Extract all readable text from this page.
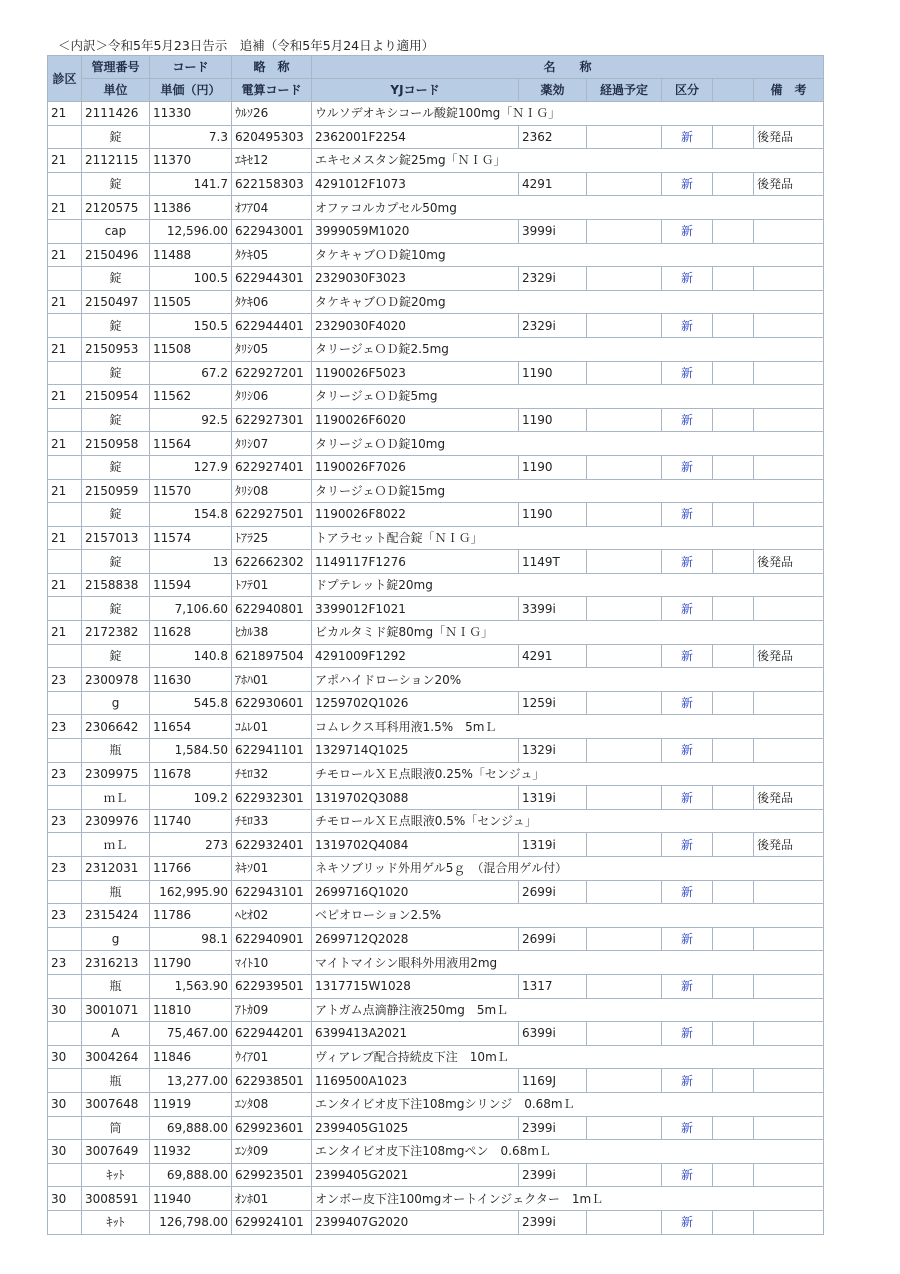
＜内訳＞令和5年5月23日告示　追補（令和5年5月24日より適用）
診区	管理番号	コード	略　称	名　　称					
	単位	単価（円）	電算コード	YJコード	薬効	経過予定	区分		備　考
21	2111426	11330	ｳﾙｿ26	ウルソデオキシコール酸錠100mg「ＮＩＧ」					
	錠	7.3	620495303	2362001F2254	2362		新		後発品
21	2112115	11370	ｴｷｾ12	エキセメスタン錠25mg「ＮＩＧ」					
	錠	141.7	622158303	4291012F1073	4291		新		後発品
21	2120575	11386	ｵﾌｱ04	オファコルカプセル50mg					
	cap	12,596.00	622943001	3999059M1020	3999i		新		
21	2150496	11488	ﾀｹｷ05	タケキャブＯＤ錠10mg					
	錠	100.5	622944301	2329030F3023	2329i		新		
21	2150497	11505	ﾀｹｷ06	タケキャブＯＤ錠20mg					
	錠	150.5	622944401	2329030F4020	2329i		新		
21	2150953	11508	ﾀﾘｼ05	タリージェＯＤ錠2.5mg					
	錠	67.2	622927201	1190026F5023	1190		新		
21	2150954	11562	ﾀﾘｼ06	タリージェＯＤ錠5mg					
	錠	92.5	622927301	1190026F6020	1190		新		
21	2150958	11564	ﾀﾘｼ07	タリージェＯＤ錠10mg					
	錠	127.9	622927401	1190026F7026	1190		新		
21	2150959	11570	ﾀﾘｼ08	タリージェＯＤ錠15mg					
	錠	154.8	622927501	1190026F8022	1190		新		
21	2157013	11574	ﾄｱﾗ25	トアラセット配合錠「ＮＩＧ」					
	錠	13	622662302	1149117F1276	1149T		新		後発品
21	2158838	11594	ﾄﾌﾃ01	ドプテレット錠20mg					
	錠	7,106.60	622940801	3399012F1021	3399i		新		
21	2172382	11628	ﾋｶﾙ38	ビカルタミド錠80mg「ＮＩＧ」					
	錠	140.8	621897504	4291009F1292	4291		新		後発品
23	2300978	11630	ｱﾎﾊ01	アポハイドローション20%					
	g	545.8	622930601	1259702Q1026	1259i		新		
23	2306642	11654	ｺﾑﾚ01	コムレクス耳科用液1.5%　5mＬ					
	瓶	1,584.50	622941101	1329714Q1025	1329i		新		
23	2309975	11678	ﾁﾓﾛ32	チモロールＸＥ点眼液0.25%「センジュ」					
	ｍＬ	109.2	622932301	1319702Q3088	1319i		新		後発品
23	2309976	11740	ﾁﾓﾛ33	チモロールＸＥ点眼液0.5%「センジュ」					
	ｍＬ	273	622932401	1319702Q4084	1319i		新		後発品
23	2312031	11766	ﾈｷｿ01	ネキソブリッド外用ゲル5ｇ　（混合用ゲル付）					
	瓶	162,995.90	622943101	2699716Q1020	2699i		新		
23	2315424	11786	ﾍﾋｵ02	ベピオローション2.5%					
	g	98.1	622940901	2699712Q2028	2699i		新		
23	2316213	11790	ﾏｲﾄ10	マイトマイシン眼科外用液用2mg					
	瓶	1,563.90	622939501	1317715W1028	1317		新		
30	3001071	11810	ｱﾄｶ09	アトガム点滴静注液250mg　5mＬ					
	A	75,467.00	622944201	6399413A2021	6399i		新		
30	3004264	11846	ｳｲｱ01	ヴィアレブ配合持続皮下注　10mＬ					
	瓶	13,277.00	622938501	1169500A1023	1169J		新		
30	3007648	11919	ｴﾝﾀ08	エンタイビオ皮下注108mgシリンジ　0.68mＬ					
	筒	69,888.00	629923601	2399405G1025	2399i		新		
30	3007649	11932	ｴﾝﾀ09	エンタイビオ皮下注108mgペン　0.68mＬ					
	ｷｯﾄ	69,888.00	629923501	2399405G2021	2399i		新		
30	3008591	11940	ｵﾝﾎ01	オンボー皮下注100mgオートインジェクター　1mＬ					
	ｷｯﾄ	126,798.00	629924101	2399407G2020	2399i		新		
